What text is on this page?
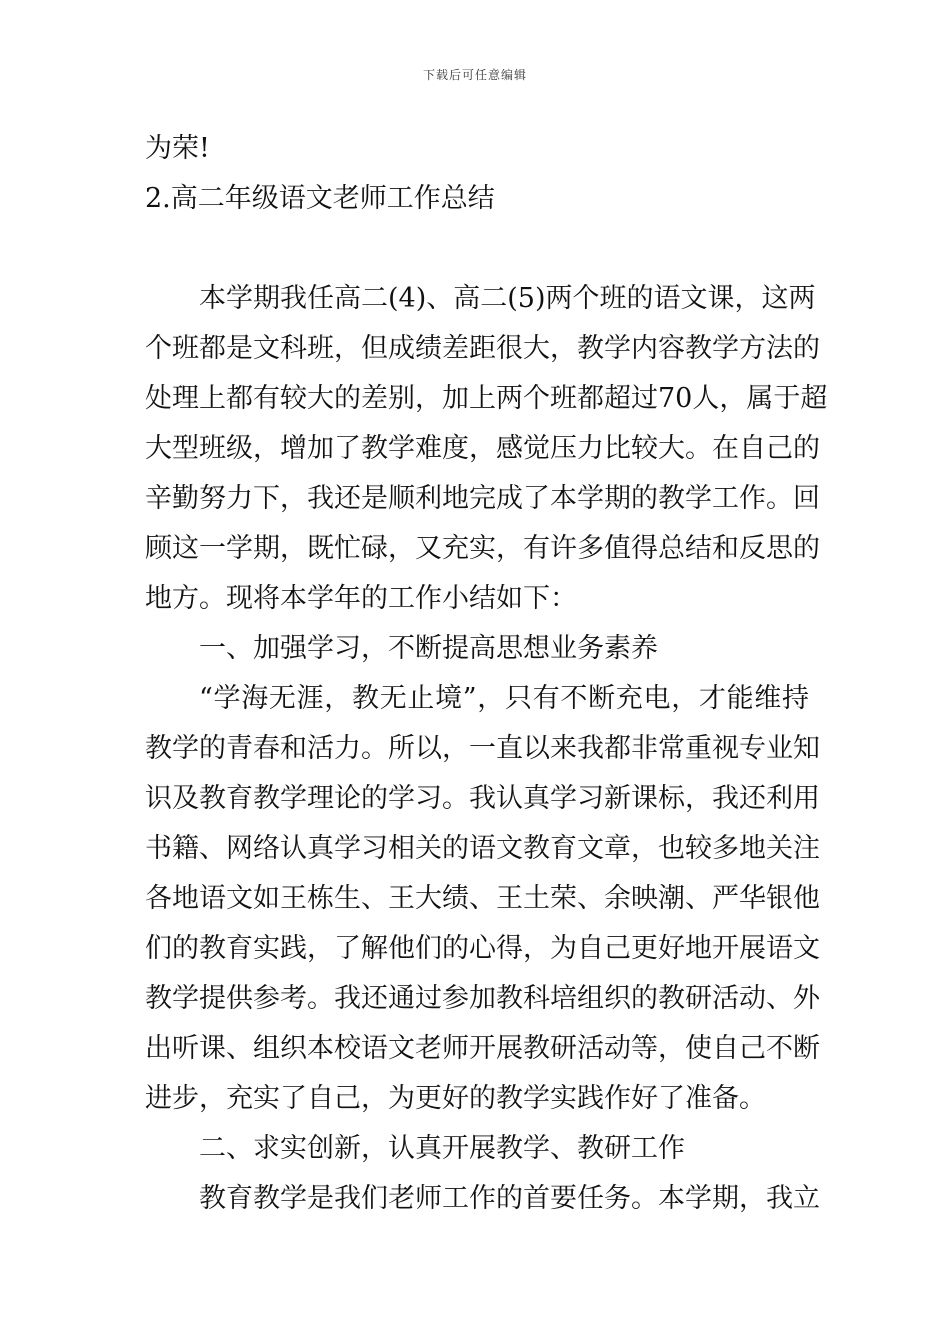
下载后可任意编辑
为荣!
2.高二年级语文老师工作总结
本学期我任高二(4)、高二(5)两个班的语文课，这两
个班都是文科班，但成绩差距很大，教学内容教学方法的
处理上都有较大的差别，加上两个班都超过70人，属于超
大型班级，增加了教学难度，感觉压力比较大。在自己的
辛勤努力下，我还是顺利地完成了本学期的教学工作。回
顾这一学期，既忙碌，又充实，有许多值得总结和反思的
地方。现将本学年的工作小结如下：
一、加强学习，不断提高思想业务素养
“学海无涯，教无止境”，只有不断充电，才能维持
教学的青春和活力。所以，一直以来我都非常重视专业知
识及教育教学理论的学习。我认真学习新课标，我还利用
书籍、网络认真学习相关的语文教育文章，也较多地关注
各地语文如王栋生、王大绩、王土荣、余映潮、严华银他
们的教育实践，了解他们的心得，为自己更好地开展语文
教学提供参考。我还通过参加教科培组织的教研活动、外
出听课、组织本校语文老师开展教研活动等，使自己不断
进步，充实了自己，为更好的教学实践作好了准备。
二、求实创新，认真开展教学、教研工作
教育教学是我们老师工作的首要任务。本学期，我立
